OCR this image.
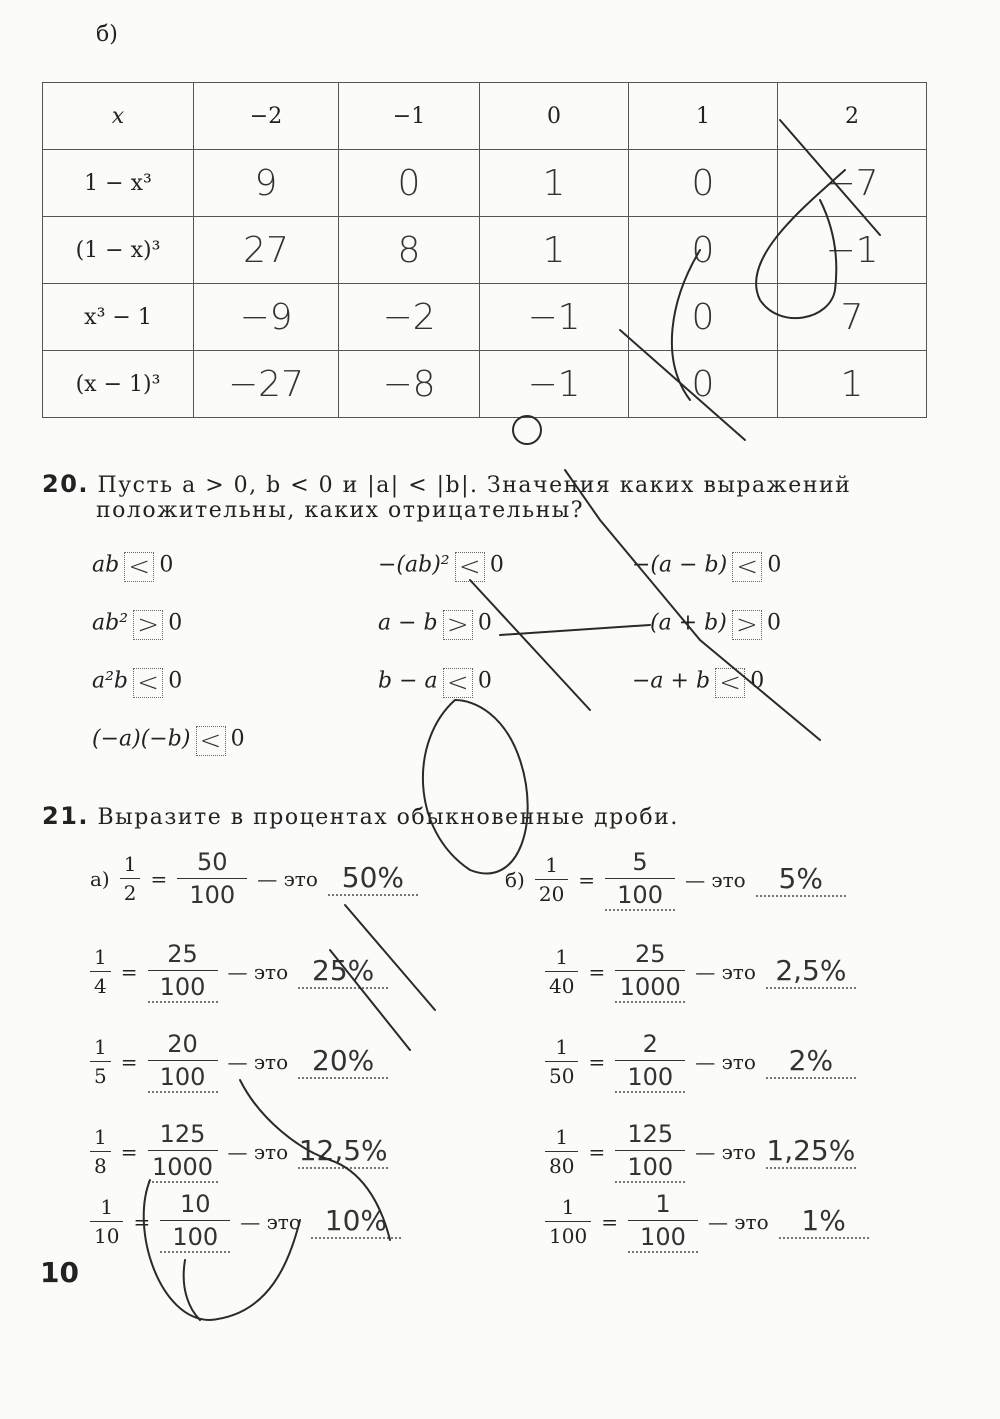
б)
x	−2	−1	0	1	2
1 − x³	9	0	1	0	−7
(1 − x)³	27	8	1	0	−1
x³ − 1	−9	−2	−1	0	7
(x − 1)³	−27	−8	−1	0	1
20. Пусть a > 0, b < 0 и |a| < |b|. Значения каких выражений
положительны, каких отрицательны?
ab < 0	−(ab)² < 0	−(a − b) < 0
ab² > 0	a − b > 0	(a + b) > 0
a²b < 0	b − a < 0	−a + b < 0
(−a)(−b) < 0
21. Выразите в процентах обыкновенные дроби.
$а) \frac{1}{2} = \frac{50}{100}$ — это 50%
$\frac{1}{4} = \frac{25}{100}$ — это 25%
$\frac{1}{5} = \frac{20}{100}$ — это 20%
$\frac{1}{8} = \frac{125}{1000}$ — это 12,5%
$\frac{1}{10} = \frac{10}{100}$ — это 10%
$б) \frac{1}{20} = \frac{5}{100}$ — это	5%
$\frac{1}{40} = \frac{25}{1000}$ — это 2,5%
$\frac{1}{50} = \frac{2}{100}$ — это	2%
$\frac{1}{80} = \frac{125}{100}$ — это 1,25%
$\frac{1}{100} = \frac{1}{100}$ — это	1%
10
